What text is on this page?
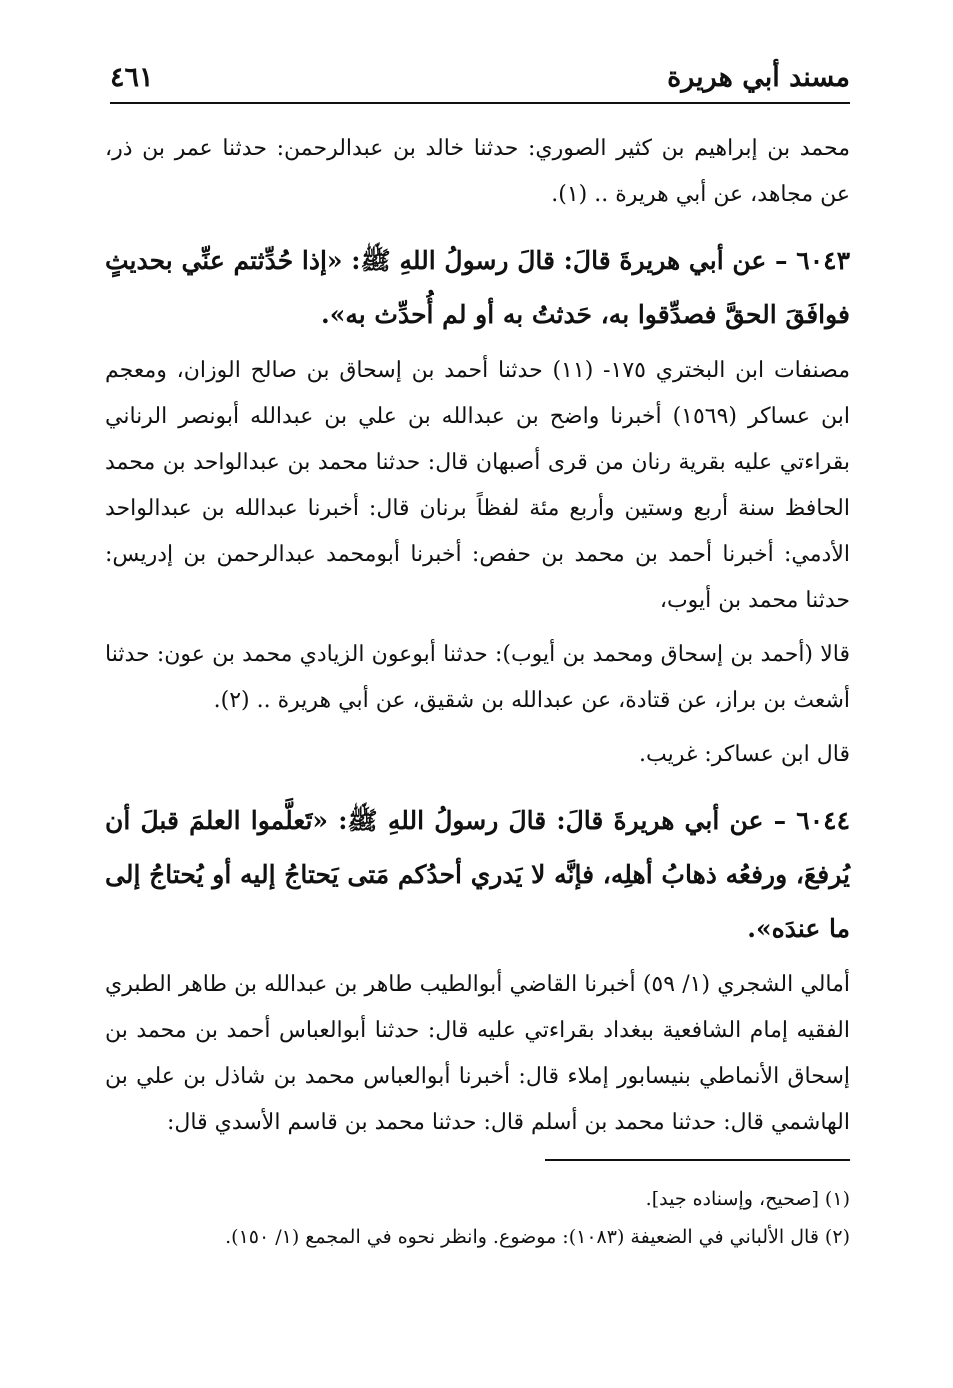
مسند أبي هريرة
٤٦١

محمد بن إبراهيم بن كثير الصوري: حدثنا خالد بن عبدالرحمن: حدثنا عمر بن ذر، عن مجاهد، عن أبي هريرة .. (١).

٦٠٤٣ – عن أبي هريرةَ قالَ: قالَ رسولُ اللهِ ﷺ: «إذا حُدِّثتم عنِّي بحديثٍ فوافَقَ الحقَّ فصدِّقوا به، حَدثتُ به أو لم أُحدِّث به».

مصنفات ابن البختري ١٧٥- (١١) حدثنا أحمد بن إسحاق بن صالح الوزان، ومعجم ابن عساكر (١٥٦٩) أخبرنا واضح بن عبدالله بن علي بن عبدالله أبونصر الرناني بقراءتي عليه بقرية رنان من قرى أصبهان قال: حدثنا محمد بن عبدالواحد بن محمد الحافظ سنة أربع وستين وأربع مئة لفظاً برنان قال: أخبرنا عبدالله بن عبدالواحد الأدمي: أخبرنا أحمد بن محمد بن حفص: أخبرنا أبومحمد عبدالرحمن بن إدريس: حدثنا محمد بن أيوب،

قالا (أحمد بن إسحاق ومحمد بن أيوب): حدثنا أبوعون الزيادي محمد بن عون: حدثنا أشعث بن براز، عن قتادة، عن عبدالله بن شقيق، عن أبي هريرة .. (٢).

قال ابن عساكر: غريب.

٦٠٤٤ – عن أبي هريرةَ قالَ: قالَ رسولُ اللهِ ﷺ: «تَعلَّموا العلمَ قبلَ أن يُرفعَ، ورفعُه ذهابُ أهلِه، فإنَّه لا يَدري أحدُكم مَتى يَحتاجُ إليه أو يُحتاجُ إلى ما عندَه».

أمالي الشجري (١/ ٥٩) أخبرنا القاضي أبوالطيب طاهر بن عبدالله بن طاهر الطبري الفقيه إمام الشافعية ببغداد بقراءتي عليه قال: حدثنا أبوالعباس أحمد بن محمد بن إسحاق الأنماطي بنيسابور إملاء قال: أخبرنا أبوالعباس محمد بن شاذل بن علي بن الهاشمي قال: حدثنا محمد بن أسلم قال: حدثنا محمد بن قاسم الأسدي قال:

(١) [صحيح، وإسناده جيد].

(٢) قال الألباني في الضعيفة (١٠٨٣): موضوع. وانظر نحوه في المجمع (١/ ١٥٠).
